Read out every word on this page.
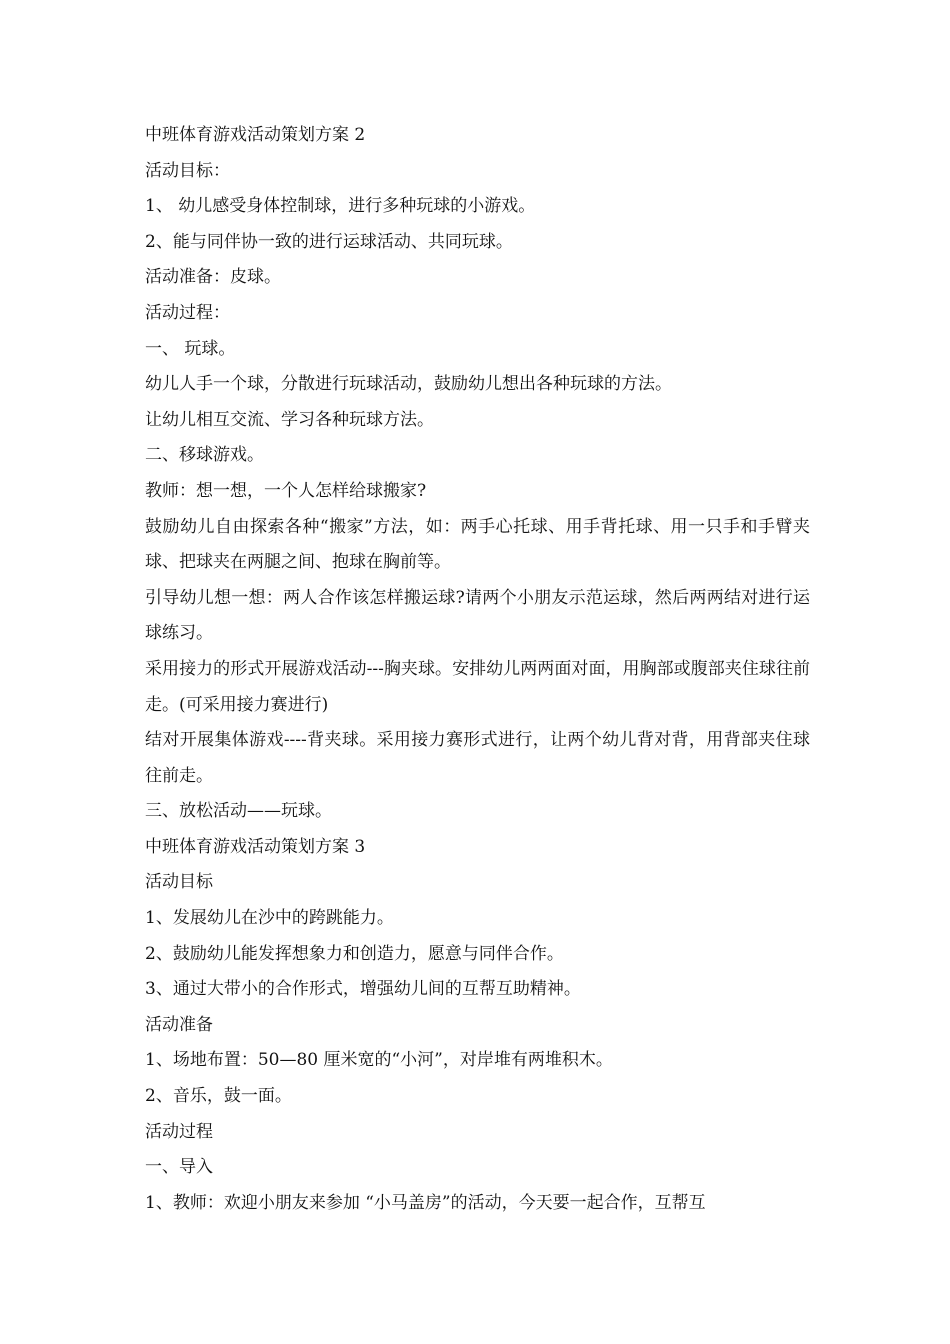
中班体育游戏活动策划方案 2

活动目标：

1、 幼儿感受身体控制球，进行多种玩球的小游戏。

2、能与同伴协一致的进行运球活动、共同玩球。

活动准备：皮球。

活动过程：

一、 玩球。

幼儿人手一个球，分散进行玩球活动，鼓励幼儿想出各种玩球的方法。

让幼儿相互交流、学习各种玩球方法。

二、移球游戏。

教师：想一想，一个人怎样给球搬家?

鼓励幼儿自由探索各种“搬家”方法，如：两手心托球、用手背托球、用一只手和手臂夹球、把球夹在两腿之间、抱球在胸前等。

引导幼儿想一想：两人合作该怎样搬运球?请两个小朋友示范运球，然后两两结对进行运球练习。

采用接力的形式开展游戏活动---胸夹球。安排幼儿两两面对面，用胸部或腹部夹住球往前走。(可采用接力赛进行)

结对开展集体游戏----背夹球。采用接力赛形式进行，让两个幼儿背对背，用背部夹住球往前走。

三、放松活动——玩球。

中班体育游戏活动策划方案 3

活动目标

1、发展幼儿在沙中的跨跳能力。

2、鼓励幼儿能发挥想象力和创造力，愿意与同伴合作。

3、通过大带小的合作形式，增强幼儿间的互帮互助精神。

活动准备

1、场地布置：50—80 厘米宽的“小河”，对岸堆有两堆积木。

2、音乐，鼓一面。

活动过程

一、导入

1、教师：欢迎小朋友来参加 “小马盖房”的活动，今天要一起合作，互帮互
